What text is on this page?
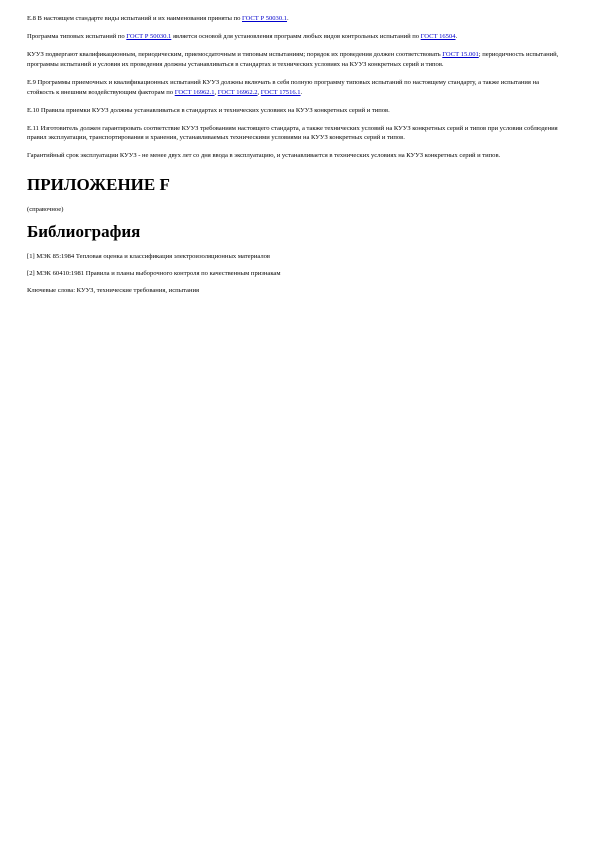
Е.8 В настоящем стандарте виды испытаний и их наименования приняты по ГОСТ Р 50030.1.

Программа типовых испытаний по ГОСТ Р 50030.1 является основой для установления программ любых видов контрольных испытаний по ГОСТ 16504.

КУУЗ подвергают квалификационным, периодическим, приемосдаточным и типовым испытаниям; порядок их проведения должен соответствовать ГОСТ 15.001; периодичность испытаний, программы испытаний и условия их проведения должны устанавливаться в стандартах и технических условиях на КУУЗ конкретных серий и типов.

Е.9 Программы приемочных и квалификационных испытаний КУУЗ должны включать в себя полную программу типовых испытаний по настоящему стандарту, а также испытания на стойкость к внешним воздействующим факторам по ГОСТ 16962.1, ГОСТ 16962.2, ГОСТ 17516.1.

Е.10 Правила приемки КУУЗ должны устанавливаться в стандартах и технических условиях на КУУЗ конкретных серий и типов.

Е.11 Изготовитель должен гарантировать соответствие КУУЗ требованиям настоящего стандарта, а также технических условий на КУУЗ конкретных серий и типов при условии соблюдения правил эксплуатации, транспортирования и хранения, устанавливаемых техническими условиями на КУУЗ конкретных серий и типов.

Гарантийный срок эксплуатации КУУЗ - не менее двух лет со дня ввода в эксплуатацию, и устанавливается в технических условиях на КУУЗ конкретных серий и типов.

ПРИЛОЖЕНИЕ F

(справочное)

Библиография

[1] МЭК 85:1984 Тепловая оценка и классификация электроизоляционных материалов

[2] МЭК 60410:1981 Правила и планы выборочного контроля по качественным признакам

Ключевые слова: КУУЗ, технические требования, испытания
